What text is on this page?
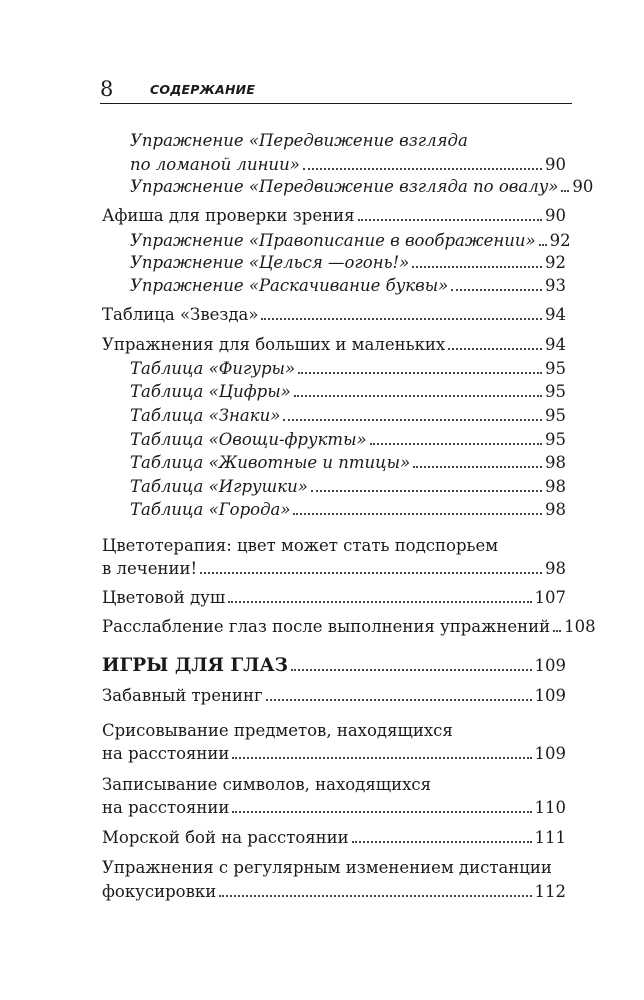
8	СОДЕРЖАНИЕ
Упражнение «Передвижение взгляда
по ломаной линии»	90
Упражнение «Передвижение взгляда по овалу» 90
Афиша для проверки зрения	90
Упражнение «Правописание в воображении» 92
Упражнение «Целься —огонь!»	92
Упражнение «Раскачивание буквы»	93
Таблица «Звезда»	94
Упражнения для больших и маленьких	94
Таблица «Фигуры»	95
Таблица «Цифры»	95
Таблица «Знаки»	95
Таблица «Овощи-фрукты»	95
Таблица «Животные и птицы»	98
Таблица «Игрушки»	98
Таблица «Города»	98
Цветотерапия: цвет может стать подспорьем
в лечении!	98
Цветовой душ	107
Расслабление глаз после выполнения упражнений 108
ИГРЫ ДЛЯ ГЛАЗ	109
Забавный тренинг	109
Срисовывание предметов, находящихся
на расстоянии	109
Записывание символов, находящихся
на расстоянии	110
Морской бой на расстоянии	111
Упражнения с регулярным изменением дистанции
фокусировки	112
